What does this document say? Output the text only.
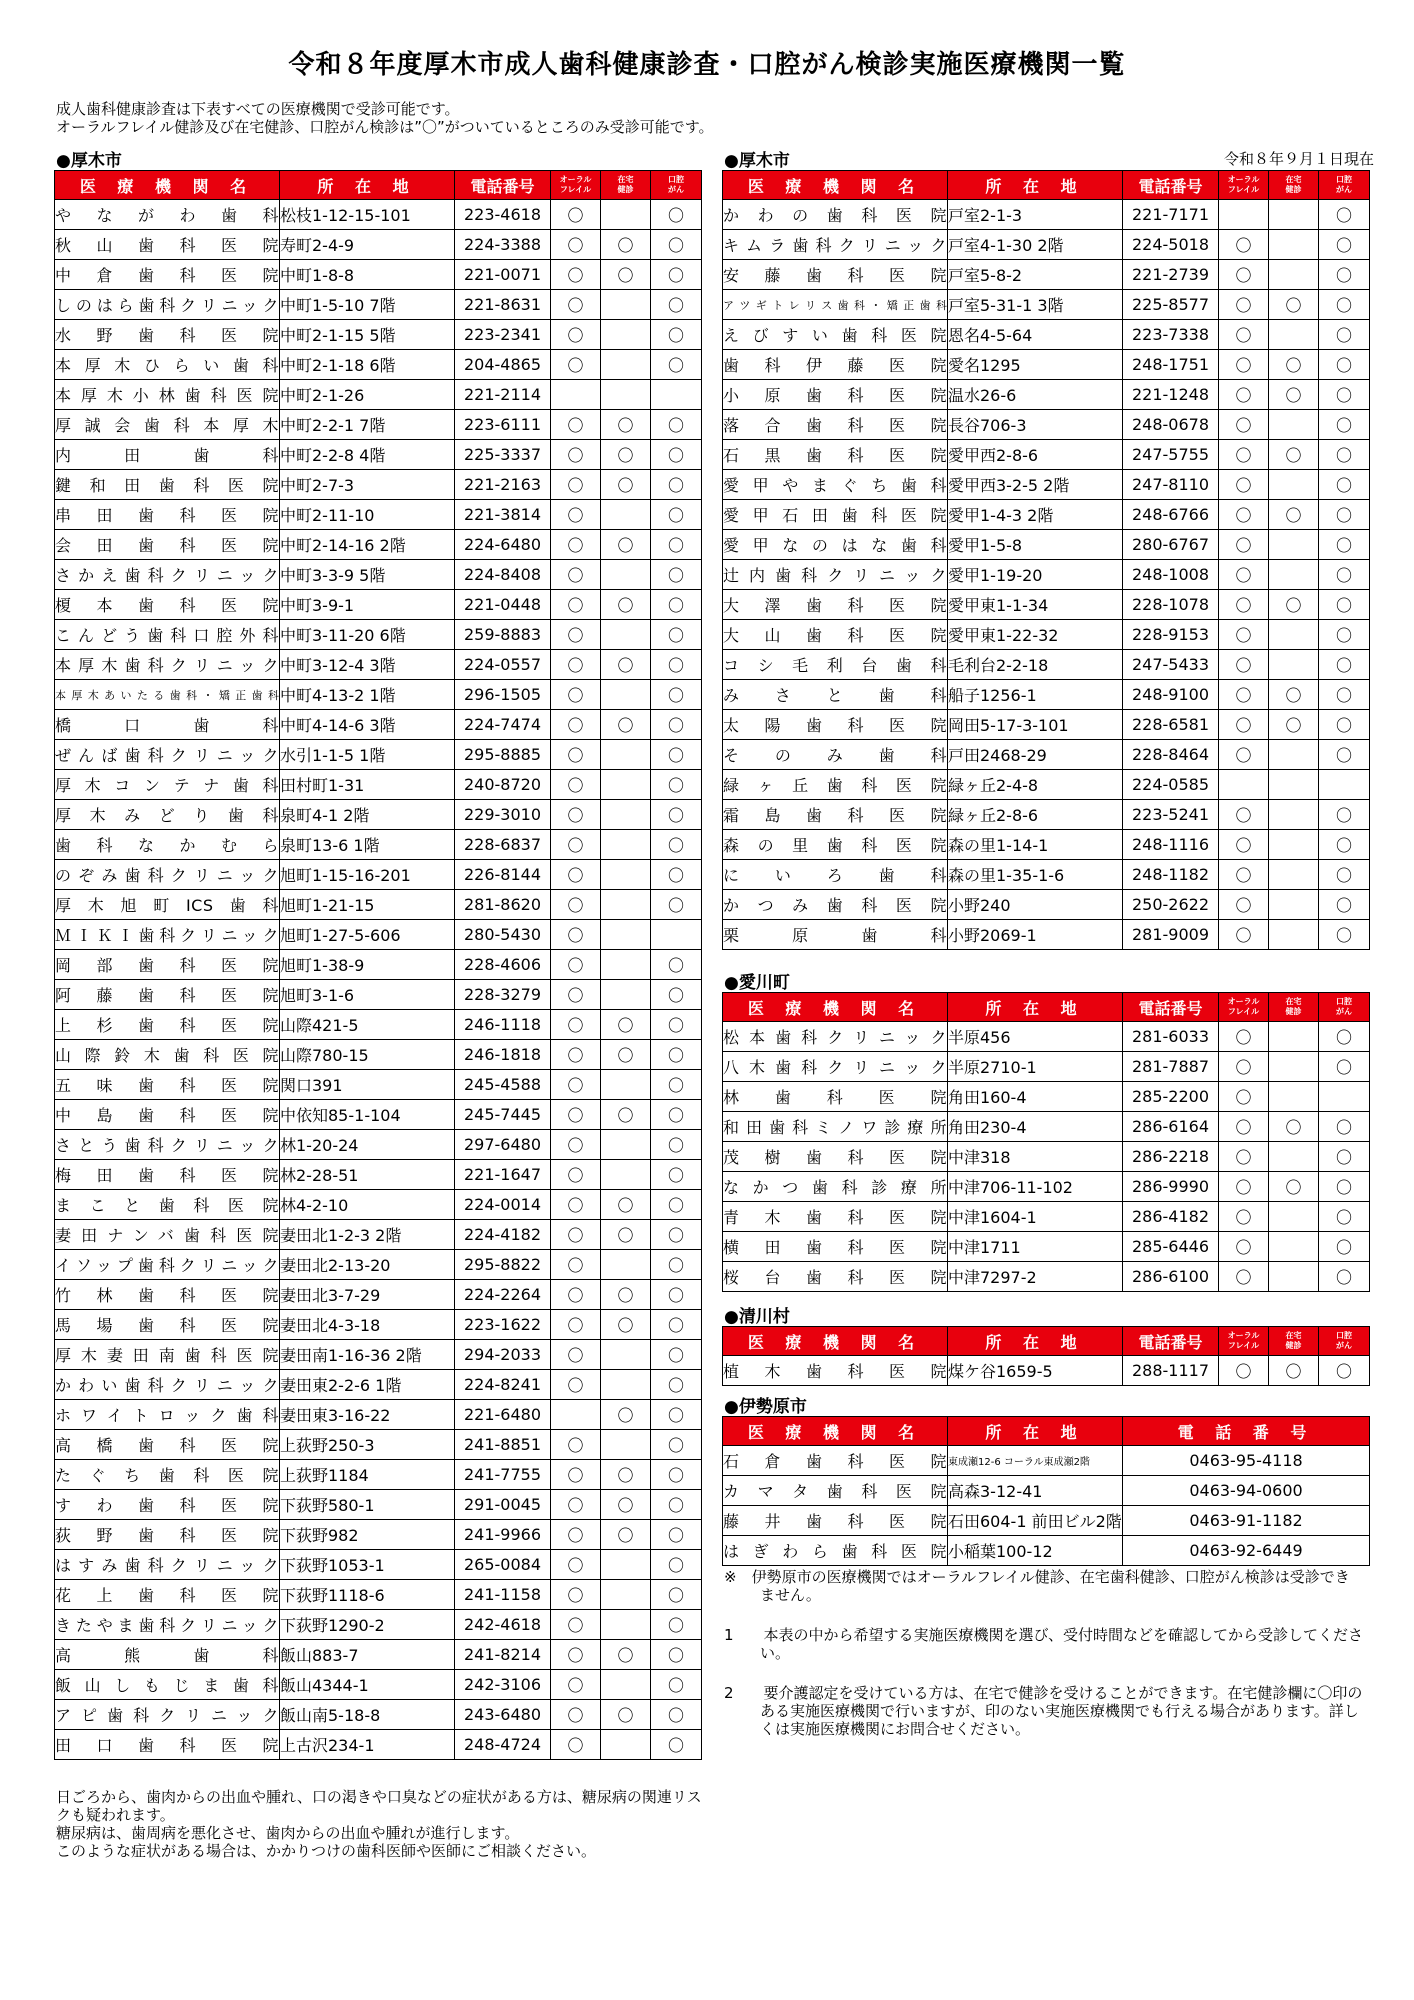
令和８年度厚木市成人歯科健康診査・口腔がん検診実施医療機関一覧
成人歯科健康診査は下表すべての医療機関で受診可能です。
オーラルフレイル健診及び在宅健診、口腔がん検診は”〇”がついているところのみ受診可能です。
●厚木市	●厚木市	令和８年９月１日現在
医 療 機 関 名	所 在 地	電話番号	オーラル
フレイル	在宅
健診	口腔
がん

やながわ歯科	松枝1-12-15-101	223-4618	〇		〇
秋山歯科医院	寿町2-4-9	224-3388	〇	〇	〇
中倉歯科医院	中町1-8-8	221-0071	〇	〇	〇
しのはら歯科クリニック	中町1-5-10 7階	221-8631	〇		〇
水野歯科医院	中町2-1-15 5階	223-2341	〇		〇
本厚木ひらい歯科	中町2-1-18 6階	204-4865	〇		〇
本厚木小林歯科医院	中町2-1-26	221-2114			
厚誠会歯科本厚木	中町2-2-1 7階	223-6111	〇	〇	〇
内田歯科	中町2-2-8 4階	225-3337	〇	〇	〇
鍵和田歯科医院	中町2-7-3	221-2163	〇	〇	〇
串田歯科医院	中町2-11-10	221-3814	〇		〇
会田歯科医院	中町2-14-16 2階	224-6480	〇	〇	〇
さかえ歯科クリニック	中町3-3-9 5階	224-8408	〇		〇
榎本歯科医院	中町3-9-1	221-0448	〇	〇	〇
こんどう歯科口腔外科	中町3-11-20 6階	259-8883	〇		〇
本厚木歯科クリニック	中町3-12-4 3階	224-0557	〇	〇	〇
本厚木あいたる歯科・矯正歯科	中町4-13-2 1階	296-1505	〇		〇
橋口歯科	中町4-14-6 3階	224-7474	〇	〇	〇
ぜんば歯科クリニック	水引1-1-5 1階	295-8885	〇		〇
厚木コンテナ歯科	田村町1-31	240-8720	〇		〇
厚木みどり歯科	泉町4-1 2階	229-3010	〇		〇
歯科なかむら	泉町13-6 1階	228-6837	〇		〇
のぞみ歯科クリニック	旭町1-15-16-201	226-8144	〇		〇
厚木旭町ICS歯科	旭町1-21-15	281-8620	〇		〇
ＭＩＫＩ歯科クリニック	旭町1-27-5-606	280-5430	〇		
岡部歯科医院	旭町1-38-9	228-4606	〇		〇
阿藤歯科医院	旭町3-1-6	228-3279	〇		〇
上杉歯科医院	山際421-5	246-1118	〇	〇	〇
山際鈴木歯科医院	山際780-15	246-1818	〇	〇	〇
五味歯科医院	関口391	245-4588	〇		〇
中島歯科医院	中依知85-1-104	245-7445	〇	〇	〇
さとう歯科クリニック	林1-20-24	297-6480	〇		〇
梅田歯科医院	林2-28-51	221-1647	〇		〇
まこと歯科医院	林4-2-10	224-0014	〇	〇	〇
妻田ナンバ歯科医院	妻田北1-2-3 2階	224-4182	〇	〇	〇
イソップ歯科クリニック	妻田北2-13-20	295-8822	〇		〇
竹林歯科医院	妻田北3-7-29	224-2264	〇	〇	〇
馬場歯科医院	妻田北4-3-18	223-1622	〇	〇	〇
厚木妻田南歯科医院	妻田南1-16-36 2階	294-2033	〇		〇
かわい歯科クリニック	妻田東2-2-6 1階	224-8241	〇		〇
ホワイトロック歯科	妻田東3-16-22	221-6480		〇	〇
高橋歯科医院	上荻野250-3	241-8851	〇		〇
たぐち歯科医院	上荻野1184	241-7755	〇	〇	〇
すわ歯科医院	下荻野580-1	291-0045	〇	〇	〇
荻野歯科医院	下荻野982	241-9966	〇	〇	〇
はすみ歯科クリニック	下荻野1053-1	265-0084	〇		〇
花上歯科医院	下荻野1118-6	241-1158	〇		〇
きたやま歯科クリニック	下荻野1290-2	242-4618	〇		〇
高熊歯科	飯山883-7	241-8214	〇	〇	〇
飯山しもじま歯科	飯山4344-1	242-3106	〇		〇
アピ歯科クリニック	飯山南5-18-8	243-6480	〇	〇	〇
田口歯科医院	上古沢234-1	248-4724	〇		〇
医 療 機 関 名	所 在 地	電話番号	オーラル
フレイル	在宅
健診	口腔
がん

かわの歯科医院	戸室2-1-3	221-7171			〇
キムラ歯科クリニック	戸室4-1-30 2階	224-5018	〇		〇
安藤歯科医院	戸室5-8-2	221-2739	〇		〇
アツギトレリス歯科・矯正歯科	戸室5-31-1 3階	225-8577	〇	〇	〇
えびすい歯科医院	恩名4-5-64	223-7338	〇		〇
歯科伊藤医院	愛名1295	248-1751	〇	〇	〇
小原歯科医院	温水26-6	221-1248	〇	〇	〇
落合歯科医院	長谷706-3	248-0678	〇		〇
石黒歯科医院	愛甲西2-8-6	247-5755	〇	〇	〇
愛甲やまぐち歯科	愛甲西3-2-5 2階	247-8110	〇		〇
愛甲石田歯科医院	愛甲1-4-3 2階	248-6766	〇	〇	〇
愛甲なのはな歯科	愛甲1-5-8	280-6767	〇		〇
辻内歯科クリニック	愛甲1-19-20	248-1008	〇		〇
大澤歯科医院	愛甲東1-1-34	228-1078	〇	〇	〇
大山歯科医院	愛甲東1-22-32	228-9153	〇		〇
コシ毛利台歯科	毛利台2-2-18	247-5433	〇		〇
みさと歯科	船子1256-1	248-9100	〇	〇	〇
太陽歯科医院	岡田5-17-3-101	228-6581	〇	〇	〇
そのみ歯科	戸田2468-29	228-8464	〇		〇
緑ヶ丘歯科医院	緑ヶ丘2-4-8	224-0585			
霜島歯科医院	緑ヶ丘2-8-6	223-5241	〇		〇
森の里歯科医院	森の里1-14-1	248-1116	〇		〇
にいろ歯科	森の里1-35-1-6	248-1182	〇		〇
かつみ歯科医院	小野240	250-2622	〇		〇
栗原歯科	小野2069-1	281-9009	〇		〇
●愛川町
医 療 機 関 名	所 在 地	電話番号	オーラル
フレイル	在宅
健診	口腔
がん

松本歯科クリニック	半原456	281-6033	〇		〇
八木歯科クリニック	半原2710-1	281-7887	〇		〇
林歯科医院	角田160-4	285-2200	〇		
和田歯科ミノワ診療所	角田230-4	286-6164	〇	〇	〇
茂樹歯科医院	中津318	286-2218	〇		〇
なかつ歯科診療所	中津706-11-102	286-9990	〇	〇	〇
青木歯科医院	中津1604-1	286-4182	〇		〇
横田歯科医院	中津1711	285-6446	〇		〇
桜台歯科医院	中津7297-2	286-6100	〇		〇
●清川村
医 療 機 関 名	所 在 地	電話番号	オーラル
フレイル	在宅
健診	口腔
がん

植木歯科医院	煤ケ谷1659-5	288-1117	〇	〇	〇
●伊勢原市
医 療 機 関 名	所 在 地	電 話 番 号
石倉歯科医院	東成瀬12-6 コーラル東成瀬2階	0463-95-4118
カマタ歯科医院	高森3-12-41	0463-94-0600
藤井歯科医院	石田604-1 前田ビル2階	0463-91-1182
はぎわら歯科医院	小稲葉100-12	0463-92-6449

※　伊勢原市の医療機関ではオーラルフレイル健診、在宅歯科健診、口腔がん検診は受診できません。

1　　本表の中から希望する実施医療機関を選び、受付時間などを確認してから受診してください。

2　　要介護認定を受けている方は、在宅で健診を受けることができます。在宅健診欄に〇印のある実施医療機関で行いますが、印のない実施医療機関でも行える場合があります。詳しくは実施医療機関にお問合せください。

日ごろから、歯肉からの出血や腫れ、口の渇きや口臭などの症状がある方は、糖尿病の関連リスクも疑われます。
糖尿病は、歯周病を悪化させ、歯肉からの出血や腫れが進行します。
このような症状がある場合は、かかりつけの歯科医師や医師にご相談ください。
